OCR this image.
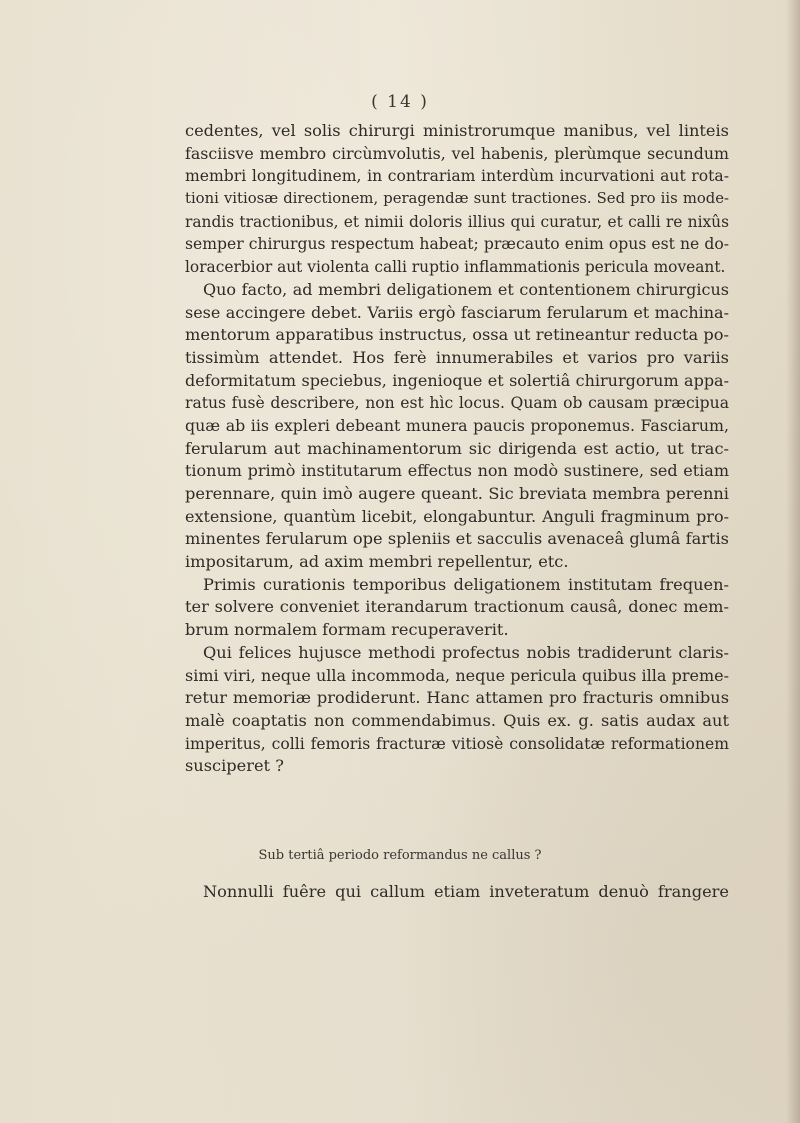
( 14 )
cedentes, vel solis chirurgi ministrorumque manibus, vel linteis
fasciisve membro circùmvolutis, vel habenis, plerùmque secundum
membri longitudinem, in contrariam interdùm incurvationi aut rota-
tioni vitiosæ directionem, peragendæ sunt tractiones. Sed pro iis mode-
randis tractionibus, et nimii doloris illius qui curatur, et calli re nixûs
semper chirurgus respectum habeat; præcauto enim opus est ne do-
loracerbior aut violenta calli ruptio inflammationis pericula moveant.
Quo facto, ad membri deligationem et contentionem chirurgicus
sese accingere debet. Variis ergò fasciarum ferularum et machina-
mentorum apparatibus instructus, ossa ut retineantur reducta po-
tissimùm attendet. Hos ferè innumerabiles et varios pro variis
deformitatum speciebus, ingenioque et solertiâ chirurgorum appa-
ratus fusè describere, non est hìc locus. Quam ob causam præcipua
quæ ab iis expleri debeant munera paucis proponemus. Fasciarum,
ferularum aut machinamentorum sic dirigenda est actio, ut trac-
tionum primò institutarum effectus non modò sustinere, sed etiam
perennare, quin imò augere queant. Sic breviata membra perenni
extensione, quantùm licebit, elongabuntur. Anguli fragminum pro-
minentes ferularum ope spleniis et sacculis avenaceâ glumâ fartis
impositarum, ad axim membri repellentur, etc.
Primis curationis temporibus deligationem institutam frequen-
ter solvere conveniet iterandarum tractionum causâ, donec mem-
brum normalem formam recuperaverit.
Qui felices hujusce methodi profectus nobis tradiderunt claris-
simi viri, neque ulla incommoda, neque pericula quibus illa preme-
retur memoriæ prodiderunt. Hanc attamen pro fracturis omnibus
malè coaptatis non commendabimus. Quis ex. g. satis audax aut
imperitus, colli femoris fracturæ vitiosè consolidatæ reformationem
susciperet ?
Sub tertiâ periodo reformandus ne callus ?
Nonnulli fuêre qui callum etiam inveteratum denuò frangere
